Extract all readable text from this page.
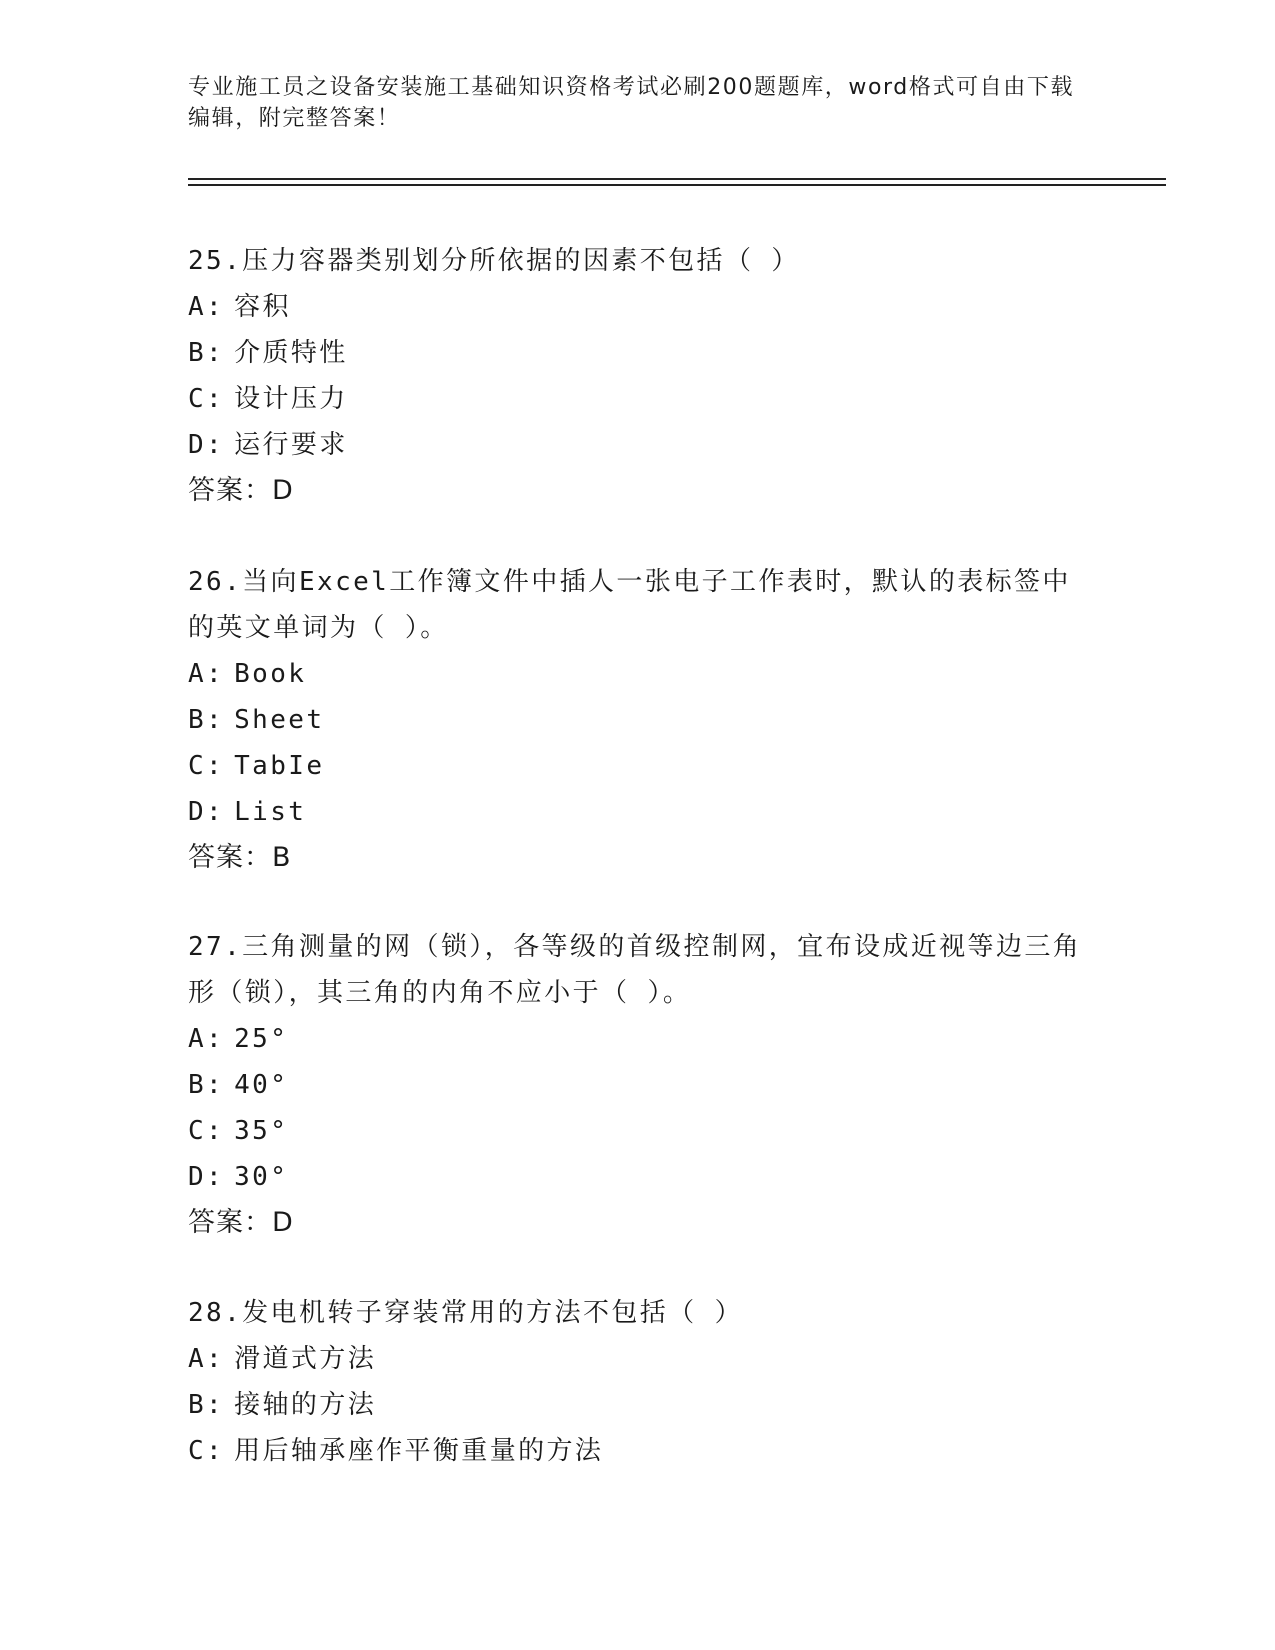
专业施工员之设备安装施工基础知识资格考试必刷200题题库，word格式可自由下载编辑，附完整答案！
25.压力容器类别划分所依据的因素不包括（ ）
A: 容积
B: 介质特性
C: 设计压力
D: 运行要求
答案：D
26.当向Excel工作簿文件中插人一张电子工作表时，默认的表标签中的英文单词为（ ）。
A: Book
B: Sheet
C: TabIe
D: List
答案：B
27.三角测量的网（锁），各等级的首级控制网，宜布设成近视等边三角形（锁），其三角的内角不应小于（ ）。
A: 25°
B: 40°
C: 35°
D: 30°
答案：D
28.发电机转子穿装常用的方法不包括（ ）
A: 滑道式方法
B: 接轴的方法
C: 用后轴承座作平衡重量的方法
